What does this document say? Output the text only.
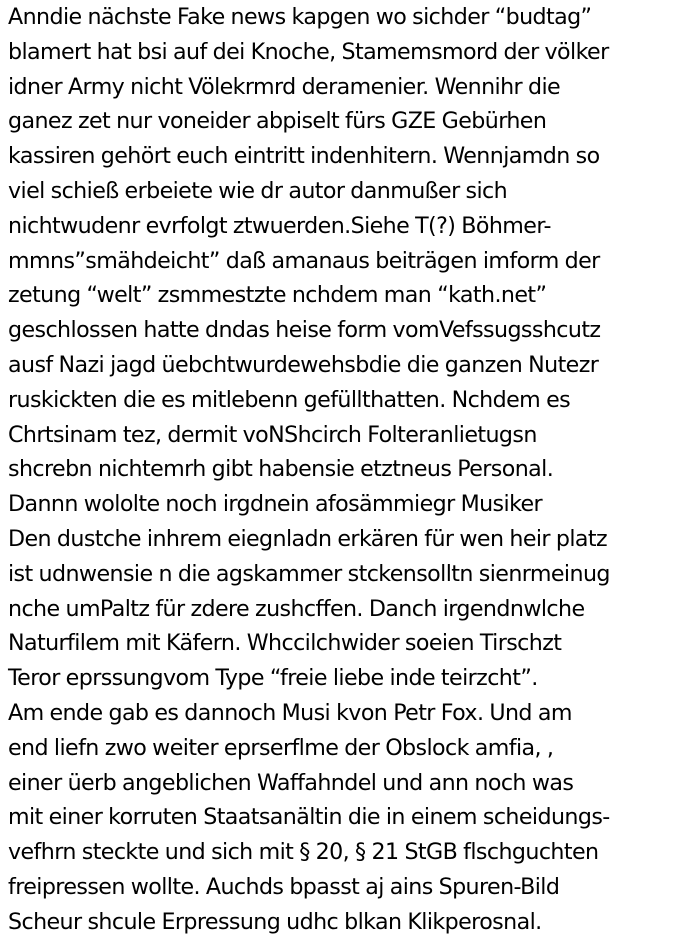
Anndie nächste Fake news kapgen wo sichder “budtag”
blamert hat bsi auf dei Knoche, Stamemsmord der völker
idner Army nicht Völekrmrd deramenier. Wennihr die
ganez zet nur voneider abpiselt fürs GZE Gebürhen
kassiren gehört euch eintritt indenhitern. Wennjamdn so
viel schieß erbeiete wie dr autor danmußer sich
nichtwudenr evrfolgt ztwuerden.Siehe T(?) Böhmer-
mmns”smähdeicht” daß amanaus beiträgen imform der
zetung “welt” zsmmestzte nchdem man “kath.net”
geschlossen hatte dndas heise form vomVefssugsshcutz
ausf Nazi jagd üebchtwurdewehsbdie die ganzen Nutezr
ruskickten die es mitlebenn gefüllthatten. Nchdem es
Chrtsinam tez, dermit voNShcirch Folteranlietugsn
shcrebn nichtemrh gibt habensie etztneus Personal.
Dannn wololte noch irgdnein afosämmiegr Musiker
Den dustche inhrem eiegnladn erkären für wen heir platz
ist udnwensie n die agskammer stckensolltn sienrmeinug
nche umPaltz für zdere zushcffen. Danch irgendnwlche
Naturfilem mit Käfern. Whccilchwider soeien Tirschzt
Teror eprssungvom Type “freie liebe inde teirzcht”.
Am ende gab es dannoch Musi kvon Petr Fox. Und am
end liefn zwo weiter eprserflme der Obslock amfia, ,
einer üerb angeblichen Waffahndel und ann noch was
mit einer korruten Staatsanältin die in einem scheidungs-
vefhrn steckte und sich mit § 20, § 21 StGB flschguchten
freipressen wollte. Auchds bpasst aj ains Spuren-Bild
Scheur shcule Erpressung udhc blkan Klikperosnal.
